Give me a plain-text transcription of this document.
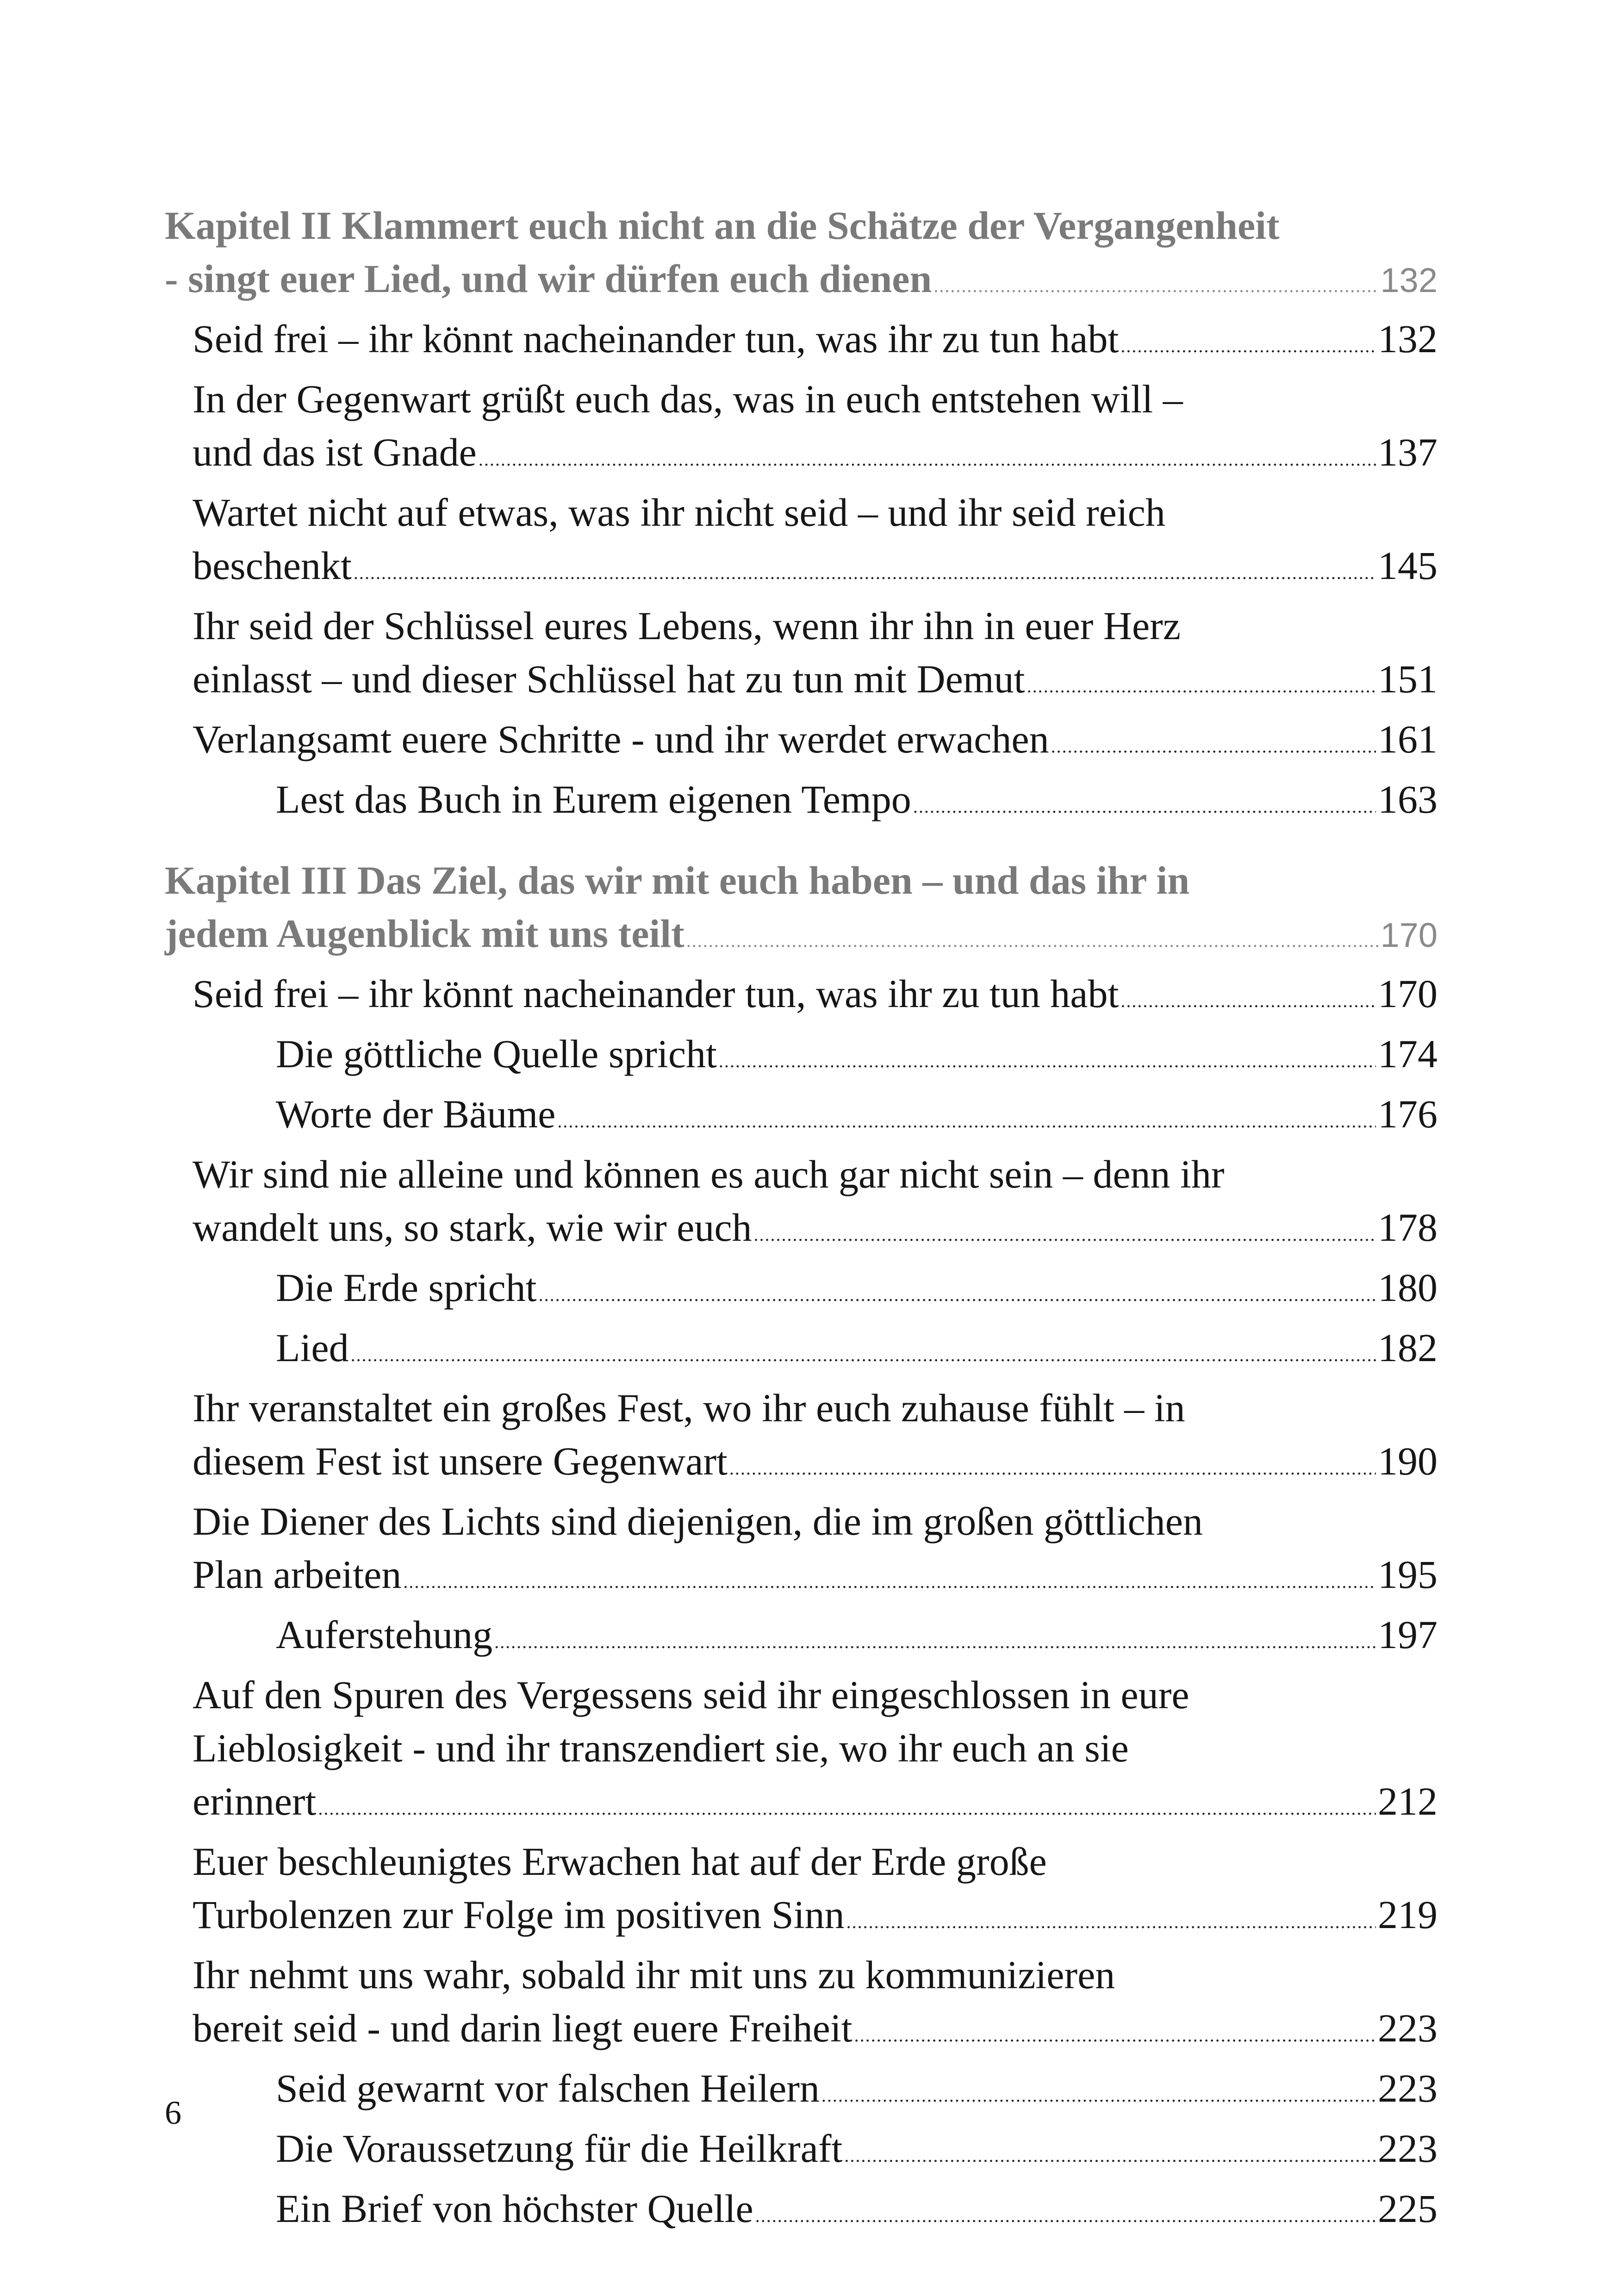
Kapitel II Klammert euch nicht an die Schätze der Vergangenheit
- singt euer Lied, und wir dürfen euch dienen .....	132
Seid frei – ihr könnt nacheinander tun, was ihr zu tun habt .....	132
In der Gegenwart grüßt euch das, was in euch entstehen will –
und das ist Gnade .....	137
Wartet nicht auf etwas, was ihr nicht seid – und ihr seid reich
beschenkt .....	145
Ihr seid der Schlüssel eures Lebens, wenn ihr ihn in euer Herz
einlasst – und dieser Schlüssel hat zu tun mit Demut .....	151
Verlangsamt euere Schritte - und ihr werdet erwachen .....	161
Lest das Buch in Eurem eigenen Tempo .....	163
Kapitel III Das Ziel, das wir mit euch haben – und das ihr in
jedem Augenblick mit uns teilt .....	170
Seid frei – ihr könnt nacheinander tun, was ihr zu tun habt .....	170
Die göttliche Quelle spricht .....	174
Worte der Bäume .....	176
Wir sind nie alleine und können es auch gar nicht sein – denn ihr
wandelt uns, so stark, wie wir euch .....	178
Die Erde spricht .....	180
Lied .....	182
Ihr veranstaltet ein großes Fest, wo ihr euch zuhause fühlt – in
diesem Fest ist unsere Gegenwart .....	190
Die Diener des Lichts sind diejenigen, die im großen göttlichen
Plan arbeiten .....	195
Auferstehung .....	197
Auf den Spuren des Vergessens seid ihr eingeschlossen in eure
Lieblosigkeit - und ihr transzendiert sie, wo ihr euch an sie
erinnert .....	212
Euer beschleunigtes Erwachen hat auf der Erde große
Turbolenzen zur Folge im positiven Sinn .....	219
Ihr nehmt uns wahr, sobald ihr mit uns zu kommunizieren
bereit seid - und darin liegt euere Freiheit .....	223
Seid gewarnt vor falschen Heilern .....	223
Die Voraussetzung für die Heilkraft .....	223
Ein Brief von höchster Quelle .....	225
6
